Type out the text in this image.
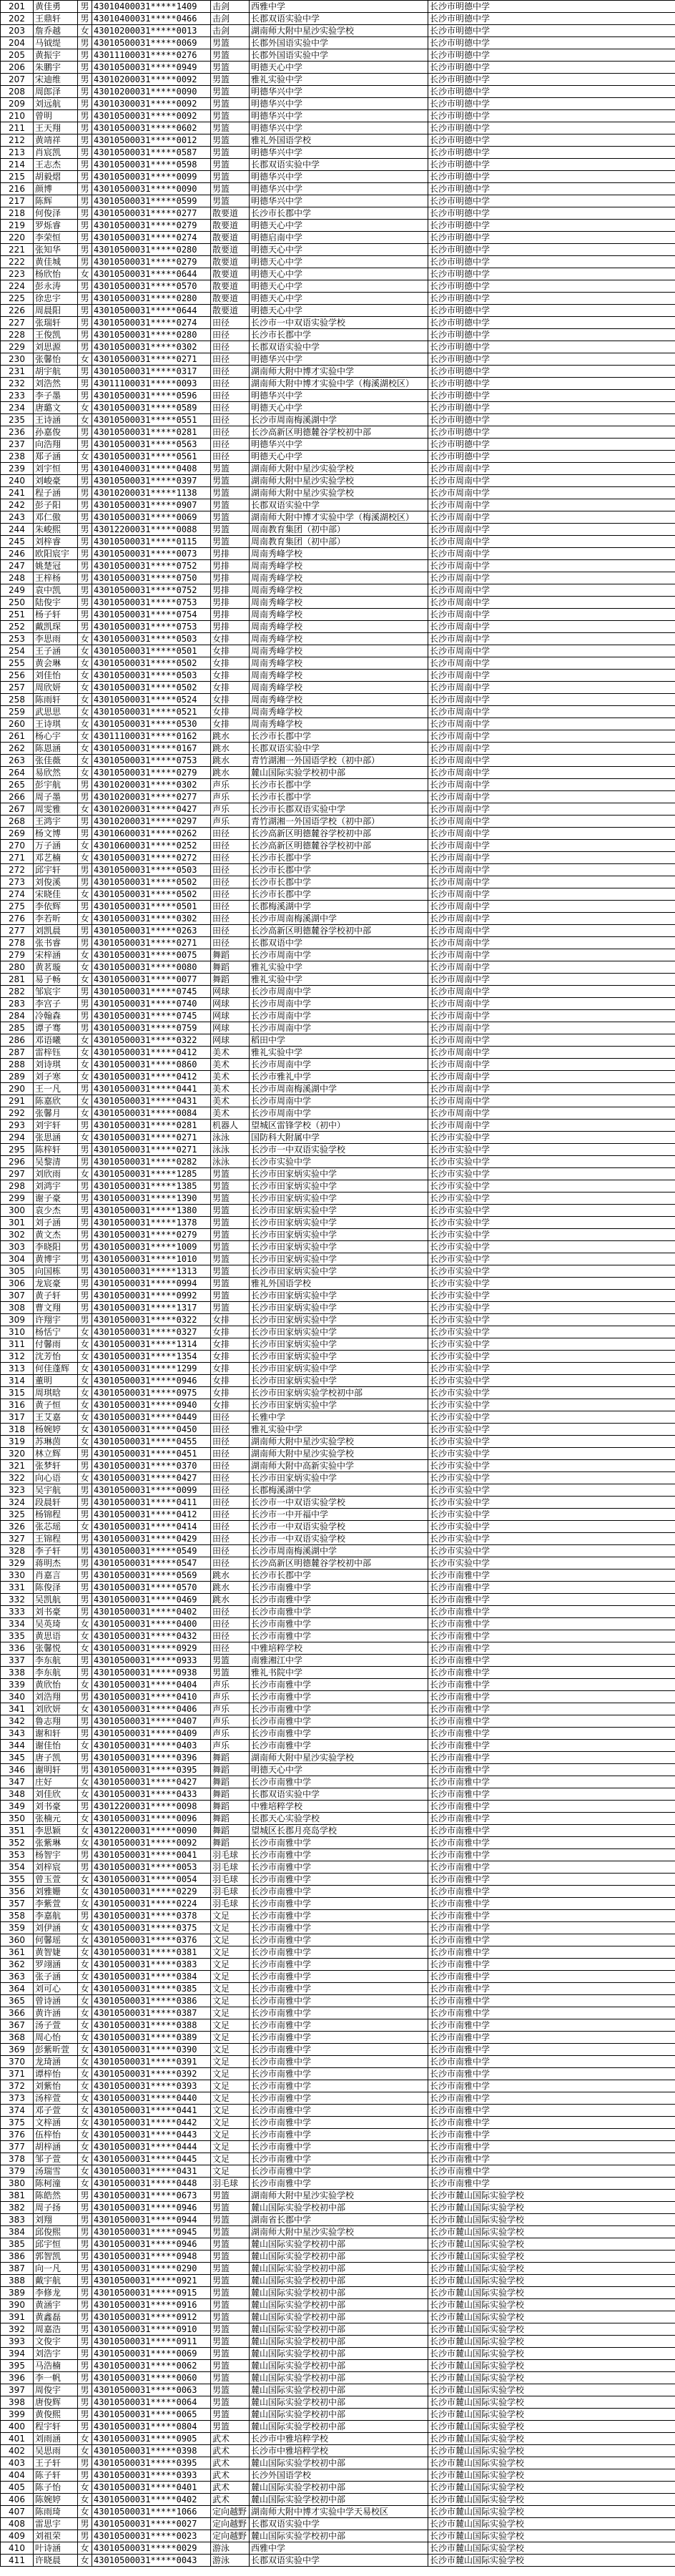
201	黄佳勇	男	43010400031*****1409	击剑	西雅中学	长沙市明德中学
202	王鼎轩	男	43010400031*****0466	击剑	长郡双语实验中学	长沙市明德中学
203	詹乔越	女	43010200031*****0013	击剑	湖南师大附中星沙实验学校	长沙市明德中学
204	马钺缇	男	43010500031*****0069	男篮	长郡外国语实验中学	长沙市明德中学
205	黄振宇	男	43011100031*****0276	男篮	长郡外国语实验中学	长沙市明德中学
206	朱鹏宇	男	43010500031*****0949	男篮	明德天心中学	长沙市明德中学
207	宋迪维	男	43010200031*****0092	男篮	雅礼实验中学	长沙市明德中学
208	周郎泽	男	43010200031*****0090	男篮	明德华兴中学	长沙市明德中学
209	刘远航	男	43010300031*****0092	男篮	明德华兴中学	长沙市明德中学
210	曾明	男	43010500031*****0092	男篮	明德华兴中学	长沙市明德中学
211	王天翔	男	43010500031*****0602	男篮	明德华兴中学	长沙市明德中学
212	黄靖祥	男	43010500031*****0012	男篮	雅礼外国语学校	长沙市明德中学
213	肖宸凯	男	43010500031*****0587	男篮	明德华兴中学	长沙市明德中学
214	王志杰	男	43010500031*****0598	男篮	长郡双语实验中学	长沙市明德中学
215	胡毅熠	男	43010500031*****0099	男篮	明德华兴中学	长沙市明德中学
216	颜博	男	43010500031*****0090	男篮	明德华兴中学	长沙市明德中学
217	陈辉	男	43010500031*****0599	男篮	明德华兴中学	长沙市明德中学
218	何俊泽	男	43010500031*****0277	散要道	长沙市长郡中学	长沙市明德中学
219	罗烁睿	男	43010500031*****0279	散要道	明德天心中学	长沙市明德中学
220	李荣恒	男	43010500031*****0274	散要道	明德启南中学	长沙市明德中学
221	张知华	男	43010500031*****0280	散要道	明德天心中学	长沙市明德中学
222	黄佳城	男	43010500031*****0279	散要道	明德天心中学	长沙市明德中学
223	杨欣怡	女	43010500031*****0644	散要道	明德天心中学	长沙市明德中学
224	彭永涛	男	43010500031*****0570	散要道	明德天心中学	长沙市明德中学
225	徐忠宇	男	43010500031*****0280	散要道	明德天心中学	长沙市明德中学
226	周晨阳	男	43010500031*****0644	散要道	明德天心中学	长沙市明德中学
227	张瑞轩	男	43010500031*****0274	田径	长沙市一中双语实验学校	长沙市明德中学
228	王俊凯	男	43010500031*****0280	田径	长沙市长郡中学	长沙市明德中学
229	刘思源	男	43010500031*****0302	田径	长郡双语实验中学	长沙市明德中学
230	张馨怡	女	43010500031*****0271	田径	明德华兴中学	长沙市明德中学
231	胡宇航	男	43010500031*****0317	田径	湖南师大附中博才实验中学	长沙市明德中学
232	刘浩然	男	43011100031*****0093	田径	湖南师大附中博才实验中学（梅溪湖校区）	长沙市明德中学
233	李子墨	男	43010500031*****0596	田径	明德华兴中学	长沙市明德中学
234	唐璐文	女	43010500031*****0589	田径	明德天心中学	长沙市明德中学
235	王诗涵	女	43010500031*****0551	田径	长沙市周南梅溪湖中学	长沙市明德中学
236	孙嘉俊	男	43010500031*****0281	田径	长沙高新区明德麓谷学校初中部	长沙市明德中学
237	向浩翔	男	43010500031*****0563	田径	明德华兴中学	长沙市明德中学
238	郑子涵	女	43010500031*****0561	田径	明德天心中学	长沙市明德中学
239	刘宇恒	男	43010400031*****0408	男篮	湖南师大附中星沙实验学校	长沙市周南中学
240	刘峻豪	男	43010500031*****0397	男篮	湖南师大附中星沙实验学校	长沙市周南中学
241	程子涵	男	43010200031*****1138	男篮	湖南师大附中星沙实验学校	长沙市周南中学
242	彭子阳	男	43010500031*****0907	男篮	长郡双语实验中学	长沙市周南中学
243	邓仁傲	男	43010500031*****0069	男篮	湖南师大附中博才实验中学（梅溪湖校区）	长沙市周南中学
244	朱峻熙	男	43012200031*****0088	男篮	周南教育集团（初中部）	长沙市周南中学
245	刘梓睿	男	43010500031*****0115	男篮	周南教育集团（初中部）	长沙市周南中学
246	欧阳宸宇	男	43010500031*****0073	男排	周南秀峰学校	长沙市周南中学
247	姚楚冠	男	43010500031*****0752	男排	周南秀峰学校	长沙市周南中学
248	王梓杨	男	43010500031*****0750	男排	周南秀峰学校	长沙市周南中学
249	袁中凯	男	43010500031*****0752	男排	周南秀峰学校	长沙市周南中学
250	陆俊宇	男	43010500031*****0753	男排	周南秀峰学校	长沙市周南中学
251	杨子轩	男	43010500031*****0754	男排	周南秀峰学校	长沙市周南中学
252	戴凯琛	男	43010500031*****0753	男排	周南秀峰学校	长沙市周南中学
253	李思雨	女	43010500031*****0503	女排	周南秀峰学校	长沙市周南中学
254	王子涵	女	43010500031*****0501	女排	周南秀峰学校	长沙市周南中学
255	黄会琳	女	43010500031*****0502	女排	周南秀峰学校	长沙市周南中学
256	刘佳怡	女	43010500031*****0503	女排	周南秀峰学校	长沙市周南中学
257	周欣妍	女	43010500031*****0502	女排	周南秀峰学校	长沙市周南中学
258	陈雨轩	女	43010500031*****0524	女排	周南秀峰学校	长沙市周南中学
259	武思思	女	43010500031*****0521	女排	周南秀峰学校	长沙市周南中学
260	王诗琪	女	43010500031*****0530	女排	周南秀峰学校	长沙市周南中学
261	杨心宇	女	43011100031*****0162	跳水	长沙市长郡中学	长沙市周南中学
262	陈恩涵	女	43010500031*****0167	跳水	长郡双语实验中学	长沙市周南中学
263	张佳薇	女	43010500031*****0753	跳水	青竹湖湘一外国语学校（初中部）	长沙市周南中学
264	易欣然	女	43010500031*****0279	跳水	麓山国际实验学校初中部	长沙市周南中学
265	彭宇航	男	43010200031*****0302	声乐	长沙市长郡中学	长沙市周南中学
266	周子墨	男	43010200031*****0277	声乐	长沙市长郡中学	长沙市周南中学
267	周雯雅	女	43010200031*****0427	声乐	长沙市长郡双语实验中学	长沙市周南中学
268	王鸿宇	男	43010200031*****0297	声乐	青竹湖湘一外国语学校（初中部）	长沙市周南中学
269	杨文博	男	43010600031*****0262	田径	长沙高新区明德麓谷学校初中部	长沙市周南中学
270	万子涵	女	43010600031*****0252	田径	长沙高新区明德麓谷学校初中部	长沙市周南中学
271	邓艺楠	女	43010500031*****0272	田径	长沙市长郡中学	长沙市周南中学
272	邱宇轩	男	43010500031*****0503	田径	长沙市长郡中学	长沙市周南中学
273	刘俊溪	男	43010500031*****0502	田径	长沙市长郡中学	长沙市周南中学
274	宋晓佳	女	43010500031*****0502	田径	长沙市长郡中学	长沙市周南中学
275	李依辉	男	43010500031*****0501	田径	长郡梅溪湖中学	长沙市周南中学
276	李若昕	女	43010500031*****0302	田径	长沙市周南梅溪湖中学	长沙市周南中学
277	刘凯晨	男	43010500031*****0263	田径	长沙高新区明德麓谷学校初中部	长沙市周南中学
278	张书睿	男	43010500031*****0271	田径	长郡双语中学	长沙市周南中学
279	宋梓涵	女	43010500031*****0075	舞蹈	长沙市周南中学	长沙市周南中学
280	黄茗璇	女	43010500031*****0080	舞蹈	雅礼实验中学	长沙市周南中学
281	易子畅	女	43010500031*****0077	舞蹈	雅礼实验中学	长沙市周南中学
282	邹宸宇	男	43010500031*****0745	网球	长沙市周南中学	长沙市周南中学
283	李宫子	男	43010500031*****0740	网球	长沙市周南中学	长沙市周南中学
284	冷翰森	男	43010500031*****0745	网球	长沙市周南中学	长沙市周南中学
285	谭子骞	男	43010500031*****0759	网球	长沙市周南中学	长沙市周南中学
286	邓语曦	女	43010500031*****0322	网球	稻田中学	长沙市周南中学
287	雷梓钰	女	43010500031*****0412	美术	雅礼实验中学	长沙市周南中学
288	刘诗琪	女	43010500031*****0860	美术	长沙市周南中学	长沙市周南中学
289	刘子寒	女	43010500031*****0412	美术	长沙市雅礼中学	长沙市周南中学
290	王一凡	男	43010500031*****0441	美术	长沙市周南梅溪湖中学	长沙市周南中学
291	陈嘉欣	女	43010500031*****0431	美术	长沙市周南中学	长沙市周南中学
292	张馨月	女	43010500031*****0084	美术	长沙市周南中学	长沙市周南中学
293	刘宇轩	男	43010500031*****0281	机器人	望城区雷锋学校（初中）	长沙市周南中学
294	张思涵	女	43010500031*****0271	泳泳	国防科大附属中学	长沙市实验中学
295	陈梓轩	男	43010500031*****0271	泳泳	长沙市一中双语实验学校	长沙市实验中学
296	吴黎清	男	43010500031*****0282	泳泳	长沙市实验中学	长沙市实验中学
297	刘欣雨	女	43010500031*****1285	男篮	长沙市田家炳实验中学	长沙市实验中学
298	刘鸿宇	男	43010500031*****1385	男篮	长沙市田家炳实验中学	长沙市实验中学
299	谢子豪	男	43010500031*****1390	男篮	长沙市田家炳实验中学	长沙市实验中学
300	袁少杰	男	43010500031*****1380	男篮	长沙市田家炳实验中学	长沙市实验中学
301	刘子涵	男	43010500031*****1378	男篮	长沙市田家炳实验中学	长沙市实验中学
302	黄文杰	男	43010500031*****0279	男篮	长沙市田家炳实验中学	长沙市实验中学
303	李晓阳	男	43010500031*****1009	男篮	长沙市田家炳实验中学	长沙市实验中学
304	黄博宇	男	43010500031*****1010	男篮	长沙市田家炳实验中学	长沙市实验中学
305	向国栋	男	43010500031*****1313	男篮	长沙市田家炳实验中学	长沙市实验中学
306	龙宸豪	男	43010500031*****0994	男篮	雅礼外国语学校	长沙市实验中学
307	黄子轩	男	43010500031*****0992	男篮	长沙市田家炳实验中学	长沙市实验中学
308	曹文翔	男	43010500031*****1317	男篮	长沙市田家炳实验中学	长沙市实验中学
309	许翔宇	男	43010500031*****0322	女排	长沙市田家炳实验中学	长沙市实验中学
310	杨恬宁	女	43010500031*****0327	女排	长沙市田家炳实验中学	长沙市实验中学
311	付馨雨	女	43010500031*****1314	女排	长沙市田家炳实验中学	长沙市实验中学
312	沈芳怡	女	43010500031*****1354	女排	长沙市田家炳实验中学	长沙市实验中学
313	何佳蓬辉	女	43010500031*****1299	女排	长沙市田家炳实验中学	长沙市实验中学
314	董明	女	43010500031*****0946	女排	长沙市田家炳实验中学	长沙市实验中学
315	周琪晗	女	43010500031*****0975	女排	长沙市田家炳实验学校初中部	长沙市实验中学
316	黄子恒	女	43010500031*****0940	女排	长沙市田家炳实验中学	长沙市实验中学
317	王艾嘉	女	43010500031*****0449	田径	长雅中学	长沙市实验中学
318	杨婉婷	女	43010500031*****0450	田径	雅礼实验中学	长沙市实验中学
319	苏琳茵	女	43010500031*****0455	田径	湖南师大附中星沙实验学校	长沙市实验中学
320	林立辉	男	43010500031*****0451	田径	湖南师大附中星沙实验学校	长沙市实验中学
321	张梦轩	男	43010500031*****0370	田径	湖南师大附中高新实验中学	长沙市实验中学
322	向心语	女	43010500031*****0427	田径	长沙市田家炳实验中学	长沙市实验中学
323	吴宇航	男	43010500031*****0099	田径	长郡梅溪湖中学	长沙市实验中学
324	段晨轩	男	43010500031*****0411	田径	长沙市一中双语实验学校	长沙市实验中学
325	杨锦程	男	43010500031*****0412	田径	长沙市一中开福中学	长沙市实验中学
326	张芯瑶	女	43010500031*****0414	田径	长沙市一中双语实验学校	长沙市实验中学
327	王锦程	男	43010500031*****0429	田径	长沙市一中双语实验学校	长沙市实验中学
328	李子轩	男	43010500031*****0549	田径	长沙市周南梅溪湖中学	长沙市实验中学
329	蒋明杰	男	43010500031*****0547	田径	长沙高新区明德麓谷学校初中部	长沙市实验中学
330	肖嘉言	男	43010500031*****0569	跳水	长沙市长郡中学	长沙市南雅中学
331	陈俊泽	男	43010500031*****0570	跳水	长沙市南雅中学	长沙市南雅中学
332	吴凯航	男	43010500031*****0469	跳水	长沙市南雅中学	长沙市南雅中学
333	刘书豪	男	43010500031*****0402	田径	长沙市南雅中学	长沙市南雅中学
334	吴英琦	女	43010500031*****0400	田径	长沙市南雅中学	长沙市南雅中学
335	黄思语	女	43010500031*****0432	田径	长沙市南雅中学	长沙市南雅中学
336	张馨悦	女	43010500031*****0929	田径	中雅培粹学校	长沙市南雅中学
337	李东航	男	43010500031*****0933	男篮	南雅湘江中学	长沙市南雅中学
338	李东航	男	43010500031*****0938	男篮	雅礼书院中学	长沙市南雅中学
339	黄欣怡	女	43010500031*****0404	声乐	长沙市南雅中学	长沙市南雅中学
340	刘浩翔	男	43010500031*****0410	声乐	长沙市南雅中学	长沙市南雅中学
341	刘欣妍	女	43010500031*****0406	声乐	长沙市南雅中学	长沙市南雅中学
342	鲁志翔	男	43010500031*****0407	声乐	长沙市南雅中学	长沙市南雅中学
343	谢和轩	男	43010500031*****0409	声乐	长沙市南雅中学	长沙市南雅中学
344	谢佳怡	女	43010500031*****0403	声乐	长沙市南雅中学	长沙市南雅中学
345	唐子凯	男	43010500031*****0396	舞蹈	湖南师大附中星沙实验学校	长沙市南雅中学
346	谢明轩	男	43010500031*****0395	舞蹈	明德天心中学	长沙市南雅中学
347	庄好	女	43010500031*****0427	舞蹈	长沙市南雅中学	长沙市南雅中学
348	刘佳欣	女	43010500031*****0433	舞蹈	长郡双语实验中学	长沙市南雅中学
349	刘书豪	男	43012200031*****0098	舞蹈	中雅培粹学校	长沙市南雅中学
350	张楠元	女	43010500031*****0096	舞蹈	长郡天心实验学校	长沙市南雅中学
351	李思颖	女	43012200031*****0090	舞蹈	望城区长郡月亮岛学校	长沙市南雅中学
352	张紫琳	女	43010500031*****0092	舞蹈	长沙市南雅中学	长沙市南雅中学
353	杨智宇	男	43010500031*****0041	羽毛球	长沙市南雅中学	长沙市南雅中学
354	刘梓宸	男	43010500031*****0053	羽毛球	长沙市南雅中学	长沙市南雅中学
355	曾玉萱	女	43010500031*****0054	羽毛球	长沙市南雅中学	长沙市南雅中学
356	刘雅姗	女	43010500031*****0229	羽毛球	长沙市南雅中学	长沙市南雅中学
357	李紫萱	女	43010500031*****0224	羽毛球	长沙市南雅中学	长沙市南雅中学
358	李嘉航	男	43010500031*****0378	文足	长沙市南雅中学	长沙市南雅中学
359	刘伊涵	女	43010500031*****0375	文足	长沙市南雅中学	长沙市南雅中学
360	何馨瑶	女	43010500031*****0376	文足	长沙市南雅中学	长沙市南雅中学
361	黄智婕	女	43010500031*****0381	文足	长沙市南雅中学	长沙市南雅中学
362	罗翊涵	女	43010500031*****0383	文足	长沙市南雅中学	长沙市南雅中学
363	张子涵	女	43010500031*****0384	文足	长沙市南雅中学	长沙市南雅中学
364	刘可心	女	43010500031*****0385	文足	长沙市南雅中学	长沙市南雅中学
365	曾诗涵	女	43010500031*****0386	文足	长沙市南雅中学	长沙市南雅中学
366	黄许涵	女	43010500031*****0387	文足	长沙市南雅中学	长沙市南雅中学
367	汤子萱	女	43010500031*****0388	文足	长沙市南雅中学	长沙市南雅中学
368	周心怡	女	43010500031*****0389	文足	长沙市南雅中学	长沙市南雅中学
369	彭紫昕萱	女	43010500031*****0390	文足	长沙市南雅中学	长沙市南雅中学
370	龙琦涵	女	43010500031*****0391	文足	长沙市南雅中学	长沙市南雅中学
371	谭梓怡	女	43010500031*****0392	文足	长沙市南雅中学	长沙市南雅中学
372	刘紫怡	女	43010500031*****0393	文足	长沙市南雅中学	长沙市南雅中学
373	汤梓萱	女	43010500031*****0440	文足	长沙市南雅中学	长沙市南雅中学
374	邓子萱	女	43010500031*****0441	文足	长沙市南雅中学	长沙市南雅中学
375	文梓涵	女	43010500031*****0442	文足	长沙市南雅中学	长沙市南雅中学
376	伍梓怡	女	43010500031*****0443	文足	长沙市南雅中学	长沙市南雅中学
377	胡梓涵	女	43010500031*****0444	文足	长沙市南雅中学	长沙市南雅中学
378	邹子萱	女	43010500031*****0445	文足	长沙市南雅中学	长沙市南雅中学
379	汤瑞雪	女	43010500031*****0431	文足	长沙市南雅中学	长沙市南雅中学
380	陈柯潼	女	43010500031*****0448	羽毛球	长沙市南雅中学	长沙市南雅中学
381	陈皓然	男	43010500031*****0673	男篮	湖南师大附中星沙实验学校	长沙市麓山国际实验学校
382	周子扬	男	43010500031*****0946	男篮	麓山国际实验学校初中部	长沙市麓山国际实验学校
383	刘翔	男	43010500031*****0944	男篮	湖南省长郡中学	长沙市麓山国际实验学校
384	邱俊熙	男	43010500031*****0945	男篮	湖南师大附中星沙实验学校	长沙市麓山国际实验学校
385	邱宇恒	男	43010500031*****0946	男篮	麓山国际实验学校初中部	长沙市麓山国际实验学校
386	郭智凯	男	43010500031*****0948	男篮	麓山国际实验学校初中部	长沙市麓山国际实验学校
387	向一凡	男	43010500031*****0290	男篮	麓山国际实验学校初中部	长沙市麓山国际实验学校
388	戴宇航	男	43010500031*****0921	男篮	麓山国际实验学校初中部	长沙市麓山国际实验学校
389	李修龙	男	43010500031*****0915	男篮	麓山国际实验学校初中部	长沙市麓山国际实验学校
390	黄涵宇	男	43010500031*****0916	男篮	麓山国际实验学校初中部	长沙市麓山国际实验学校
391	黄鑫磊	男	43010500031*****0912	男篮	麓山国际实验学校初中部	长沙市麓山国际实验学校
392	周嘉浩	男	43010500031*****0910	男篮	麓山国际实验学校初中部	长沙市麓山国际实验学校
393	文俊宇	男	43010500031*****0911	男篮	麓山国际实验学校初中部	长沙市麓山国际实验学校
394	刘浩宇	男	43010500031*****0069	男篮	麓山国际实验学校初中部	长沙市麓山国际实验学校
395	马浩楠	男	43010500031*****0062	男篮	麓山国际实验学校初中部	长沙市麓山国际实验学校
396	李一帆	男	43010500031*****0060	男篮	麓山国际实验学校初中部	长沙市麓山国际实验学校
397	周俊宇	男	43010500031*****0063	男篮	麓山国际实验学校初中部	长沙市麓山国际实验学校
398	唐俊辉	男	43010500031*****0064	男篮	麓山国际实验学校初中部	长沙市麓山国际实验学校
399	黄俊熙	男	43010500031*****0065	男篮	麓山国际实验学校初中部	长沙市麓山国际实验学校
400	程宇轩	男	43010500031*****0804	男篮	麓山国际实验学校初中部	长沙市麓山国际实验学校
401	刘雨涵	女	43010500031*****0905	武术	长沙市中雅培粹学校	长沙市麓山国际实验学校
402	吴思雨	女	43010500031*****0398	武术	长沙市中雅培粹学校	长沙市麓山国际实验学校
403	王子轩	男	43010500031*****0395	武术	麓山国际实验学校初中部	长沙市麓山国际实验学校
404	陈子轩	男	43010500031*****0393	武术	长沙外国语学校	长沙市麓山国际实验学校
405	陈子怡	女	43010500031*****0401	武术	麓山国际实验学校初中部	长沙市麓山国际实验学校
406	陈婉婷	女	43010500031*****0402	武术	麓山国际实验学校初中部	长沙市麓山国际实验学校
407	陈雨琦	女	43010500031*****1066	定向越野	湖南师大附中博才实验中学天易校区	长沙市麓山国际实验学校
408	雷思宇	男	43010500031*****0027	定向越野	长郡双语实验中学	长沙市麓山国际实验学校
409	刘祖荣	男	43010500031*****0023	定向越野	麓山国际实验学校初中部	长沙市麓山国际实验学校
410	叶诗涵	女	43010500031*****0029	游泳	西雅中学	长沙市麓山国际实验学校
411	许晓晨	女	43010500031*****0043	游泳	长郡双语实验中学	长沙市麓山国际实验学校
